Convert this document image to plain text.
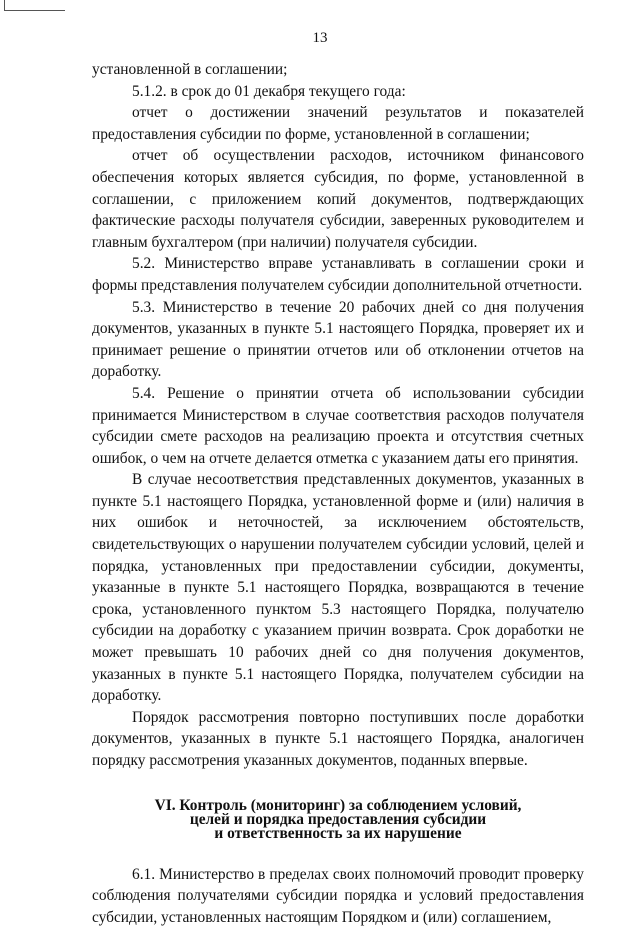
13

установленной в соглашении;

5.1.2. в срок до 01 декабря текущего года:

отчет о достижении значений результатов и показателей предоставления субсидии по форме, установленной в соглашении;

отчет об осуществлении расходов, источником финансового обеспечения которых является субсидия, по форме, установленной в соглашении, с приложением копий документов, подтверждающих фактические расходы получателя субсидии, заверенных руководителем и главным бухгалтером (при наличии) получателя субсидии.

5.2. Министерство вправе устанавливать в соглашении сроки и формы представления получателем субсидии дополнительной отчетности.

5.3. Министерство в течение 20 рабочих дней со дня получения документов, указанных в пункте 5.1 настоящего Порядка, проверяет их и принимает решение о принятии отчетов или об отклонении отчетов на доработку.

5.4. Решение о принятии отчета об использовании субсидии принимается Министерством в случае соответствия расходов получателя субсидии смете расходов на реализацию проекта и отсутствия счетных ошибок, о чем на отчете делается отметка с указанием даты его принятия.

В случае несоответствия представленных документов, указанных в пункте 5.1 настоящего Порядка, установленной форме и (или) наличия в них ошибок и неточностей, за исключением обстоятельств, свидетельствующих о нарушении получателем субсидии условий, целей и порядка, установленных при предоставлении субсидии, документы, указанные в пункте 5.1 настоящего Порядка, возвращаются в течение срока, установленного пунктом 5.3 настоящего Порядка, получателю субсидии на доработку с указанием причин возврата. Срок доработки не может превышать 10 рабочих дней со дня получения документов, указанных в пункте 5.1 настоящего Порядка, получателем субсидии на доработку.

Порядок рассмотрения повторно поступивших после доработки документов, указанных в пункте 5.1 настоящего Порядка, аналогичен порядку рассмотрения указанных документов, поданных впервые.

VI. Контроль (мониторинг) за соблюдением условий,
целей и порядка предоставления субсидии
и ответственность за их нарушение

6.1. Министерство в пределах своих полномочий проводит проверку соблюдения получателями субсидии порядка и условий предоставления субсидии, установленных настоящим Порядком и (или) соглашением,
